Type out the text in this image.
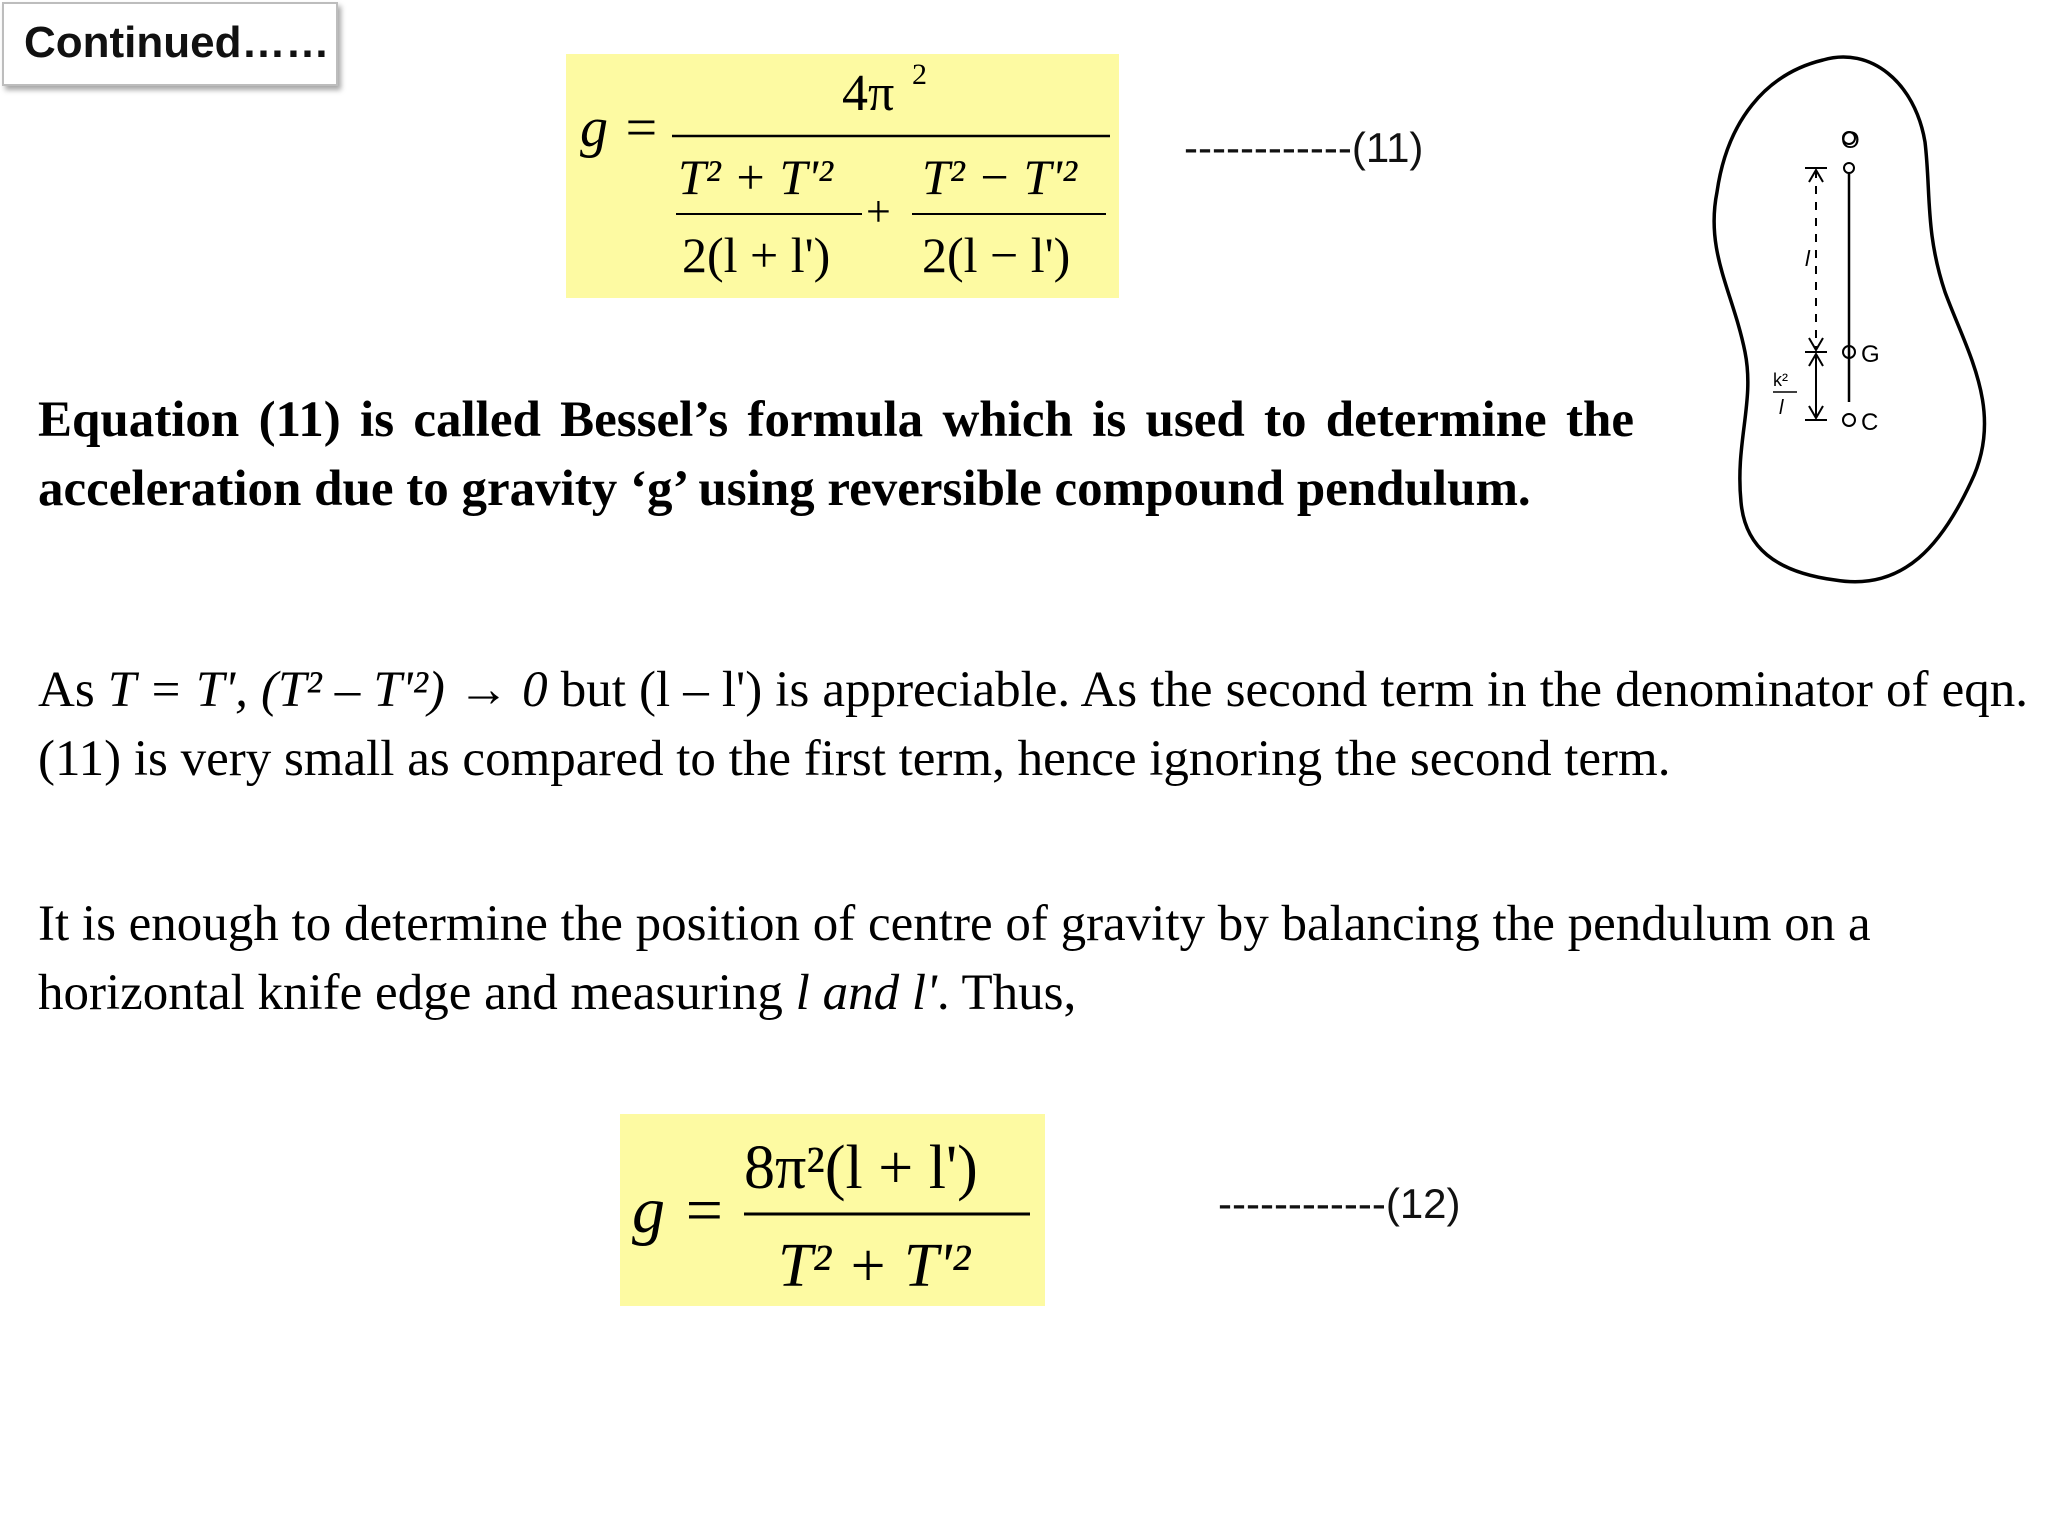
Continued……
g =
4π 2
T² + T'²
2(l + l')
+
T² − T'²
2(l − l')
------------(11)	O
G
C
l
k²
l
Equation (11) is called Bessel’s formula which is used to determine the acceleration due to gravity ‘g’ using reversible compound pendulum.
As T = T', (T² – T'²) → 0 but (l – l') is appreciable. As the second term in the denominator of eqn. (11) is very small as compared to the first term, hence ignoring the second term.
It is enough to determine the position of centre of gravity by balancing the pendulum on a horizontal knife edge and measuring l and l'. Thus,
g =
8π²(l + l')
T² + T'²
------------(12)
